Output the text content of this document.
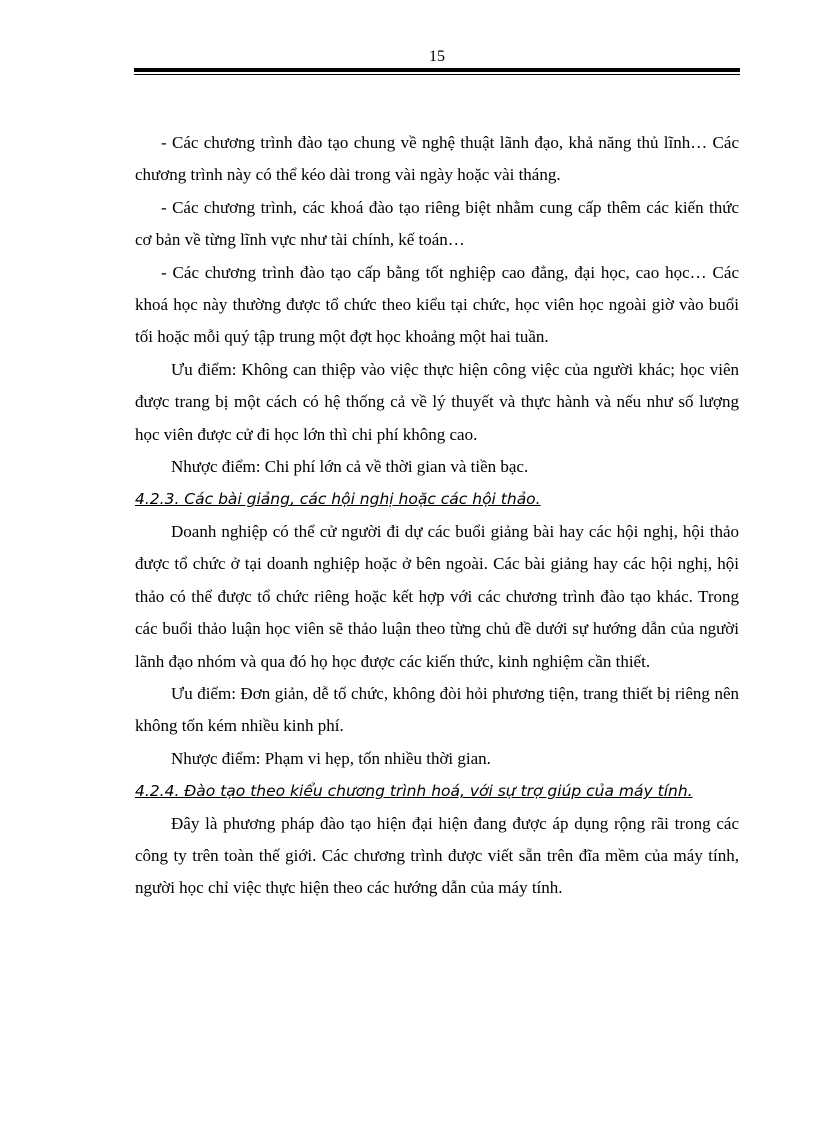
15

- Các chương trình đào tạo chung về nghệ thuật lãnh đạo, khả năng thủ lĩnh… Các chương trình này có thể kéo dài trong vài ngày hoặc vài tháng.

- Các chương trình, các khoá đào tạo riêng biệt nhằm cung cấp thêm các kiến thức cơ bản về từng lĩnh vực như tài chính, kế toán…

- Các chương trình đào tạo cấp bằng tốt nghiệp cao đẳng, đại học, cao học… Các khoá học này thường được tổ chức theo kiểu tại chức, học viên học ngoài giờ vào buổi tối hoặc mỗi quý tập trung một đợt học khoảng một hai tuần.

Ưu điểm: Không can thiệp vào việc thực hiện công việc của người khác; học viên được trang bị một cách có hệ thống cả về lý thuyết và thực hành và nếu như số lượng học viên được cử đi học lớn thì chi phí không cao.

Nhược điểm: Chi phí lớn cả về thời gian và tiền bạc.

4.2.3. Các bài giảng, các hội nghị hoặc các hội thảo.

Doanh nghiệp có thể cử người đi dự các buổi giảng bài hay các hội nghị, hội thảo được tổ chức ở tại doanh nghiệp hoặc ở bên ngoài. Các bài giảng hay các hội nghị, hội thảo có thể được tổ chức riêng hoặc kết hợp với các chương trình đào tạo khác. Trong các buổi thảo luận học viên sẽ thảo luận theo từng chủ đề dưới sự hướng dẫn của người lãnh đạo nhóm và qua đó họ học được các kiến thức, kinh nghiệm cần thiết.

Ưu điểm: Đơn giản, dễ tổ chức, không đòi hỏi phương tiện, trang thiết bị riêng nên không tốn kém nhiều kinh phí.

Nhược điểm: Phạm vi hẹp, tốn nhiều thời gian.

4.2.4. Đào tạo theo kiểu chương trình hoá, với sự trợ giúp của máy tính.

Đây là phương pháp đào tạo hiện đại hiện đang được áp dụng rộng rãi trong các công ty trên toàn thế giới. Các chương trình được viết sẵn trên đĩa mềm của máy tính, người học chỉ việc thực hiện theo các hướng dẫn của máy tính.
